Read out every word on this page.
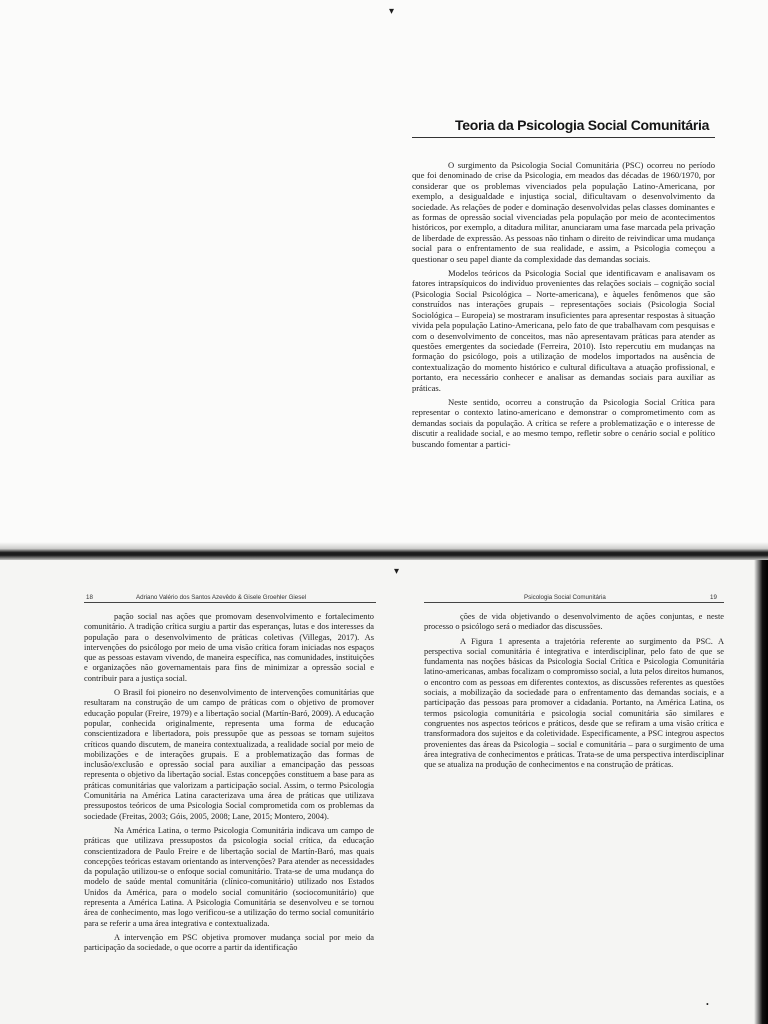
▾
Teoria da Psicologia Social Comunitária

O surgimento da Psicologia Social Comunitária (PSC) ocorreu no período que foi denominado de crise da Psicologia, em meados das décadas de 1960/1970, por considerar que os problemas vivenciados pela população Latino-Americana, por exemplo, a desigualdade e injustiça social, dificultavam o desenvolvimento da sociedade. As relações de poder e dominação desenvolvidas pelas classes dominantes e as formas de opressão social vivenciadas pela população por meio de acontecimentos históricos, por exemplo, a ditadura militar, anunciaram uma fase marcada pela privação de liberdade de expressão. As pessoas não tinham o direito de reivindicar uma mudança social para o enfrentamento de sua realidade, e assim, a Psicologia começou a questionar o seu papel diante da complexidade das demandas sociais.

Modelos teóricos da Psicologia Social que identificavam e analisavam os fatores intrapsíquicos do indivíduo provenientes das relações sociais – cognição social (Psicologia Social Psicológica – Norte-americana), e àqueles fenômenos que são construídos nas interações grupais – representações sociais (Psicologia Social Sociológica – Europeia) se mostraram insuficientes para apresentar respostas à situação vivida pela população Latino-Americana, pelo fato de que trabalhavam com pesquisas e com o desenvolvimento de conceitos, mas não apresentavam práticas para atender as questões emergentes da sociedade (Ferreira, 2010). Isto repercutiu em mudanças na formação do psicólogo, pois a utilização de modelos importados na ausência de contextualização do momento histórico e cultural dificultava a atuação profissional, e portanto, era necessário conhecer e analisar as demandas sociais para auxiliar as práticas.

Neste sentido, ocorreu a construção da Psicologia Social Crítica para representar o contexto latino-americano e demonstrar o comprometimento com as demandas sociais da população. A crítica se refere a problematização e o interesse de discutir a realidade social, e ao mesmo tempo, refletir sobre o cenário social e político buscando fomentar a partici-

▾
18	Adriano Valério dos Santos Azevêdo & Gisele Groehler Giesel	Psicologia Social Comunitária	19

pação social nas ações que promovam desenvolvimento e fortalecimento comunitário. A tradição crítica surgiu a partir das esperanças, lutas e dos interesses da população para o desenvolvimento de práticas coletivas (Villegas, 2017). As intervenções do psicólogo por meio de uma visão crítica foram iniciadas nos espaços que as pessoas estavam vivendo, de maneira específica, nas comunidades, instituições e organizações não governamentais para fins de minimizar a opressão social e contribuir para a justiça social.

O Brasil foi pioneiro no desenvolvimento de intervenções comunitárias que resultaram na construção de um campo de práticas com o objetivo de promover educação popular (Freire, 1979) e a libertação social (Martín-Baró, 2009). A educação popular, conhecida originalmente, representa uma forma de educação conscientizadora e libertadora, pois pressupõe que as pessoas se tornam sujeitos críticos quando discutem, de maneira contextualizada, a realidade social por meio de mobilizações e de interações grupais. E a problematização das formas de inclusão/exclusão e opressão social para auxiliar a emancipação das pessoas representa o objetivo da libertação social. Estas concepções constituem a base para as práticas comunitárias que valorizam a participação social. Assim, o termo Psicologia Comunitária na América Latina caracterizava uma área de práticas que utilizava pressupostos teóricos de uma Psicologia Social comprometida com os problemas da sociedade (Freitas, 2003; Góis, 2005, 2008; Lane, 2015; Montero, 2004).

Na América Latina, o termo Psicologia Comunitária indicava um campo de práticas que utilizava pressupostos da psicologia social crítica, da educação conscientizadora de Paulo Freire e de libertação social de Martín-Baró, mas quais concepções teóricas estavam orientando as intervenções? Para atender as necessidades da população utilizou-se o enfoque social comunitário. Trata-se de uma mudança do modelo de saúde mental comunitária (clínico-comunitário) utilizado nos Estados Unidos da América, para o modelo social comunitário (sociocomunitário) que representa a América Latina. A Psicologia Comunitária se desenvolveu e se tornou área de conhecimento, mas logo verificou-se a utilização do termo social comunitário para se referir a uma área integrativa e contextualizada.

A intervenção em PSC objetiva promover mudança social por meio da participação da sociedade, o que ocorre a partir da identificação

ções de vida objetivando o desenvolvimento de ações conjuntas, e neste processo o psicólogo será o mediador das discussões.

A Figura 1 apresenta a trajetória referente ao surgimento da PSC. A perspectiva social comunitária é integrativa e interdisciplinar, pelo fato de que se fundamenta nas noções básicas da Psicologia Social Crítica e Psicologia Comunitária latino-americanas, ambas focalizam o compromisso social, a luta pelos direitos humanos, o encontro com as pessoas em diferentes contextos, as discussões referentes as questões sociais, a mobilização da sociedade para o enfrentamento das demandas sociais, e a participação das pessoas para promover a cidadania. Portanto, na América Latina, os termos psicologia comunitária e psicologia social comunitária são similares e congruentes nos aspectos teóricos e práticos, desde que se refiram a uma visão crítica e transformadora dos sujeitos e da coletividade. Especificamente, a PSC integrou aspectos provenientes das áreas da Psicologia – social e comunitária – para o surgimento de uma área integrativa de conhecimentos e práticas. Trata-se de uma perspectiva interdisciplinar que se atualiza na produção de conhecimentos e na construção de práticas.

•
